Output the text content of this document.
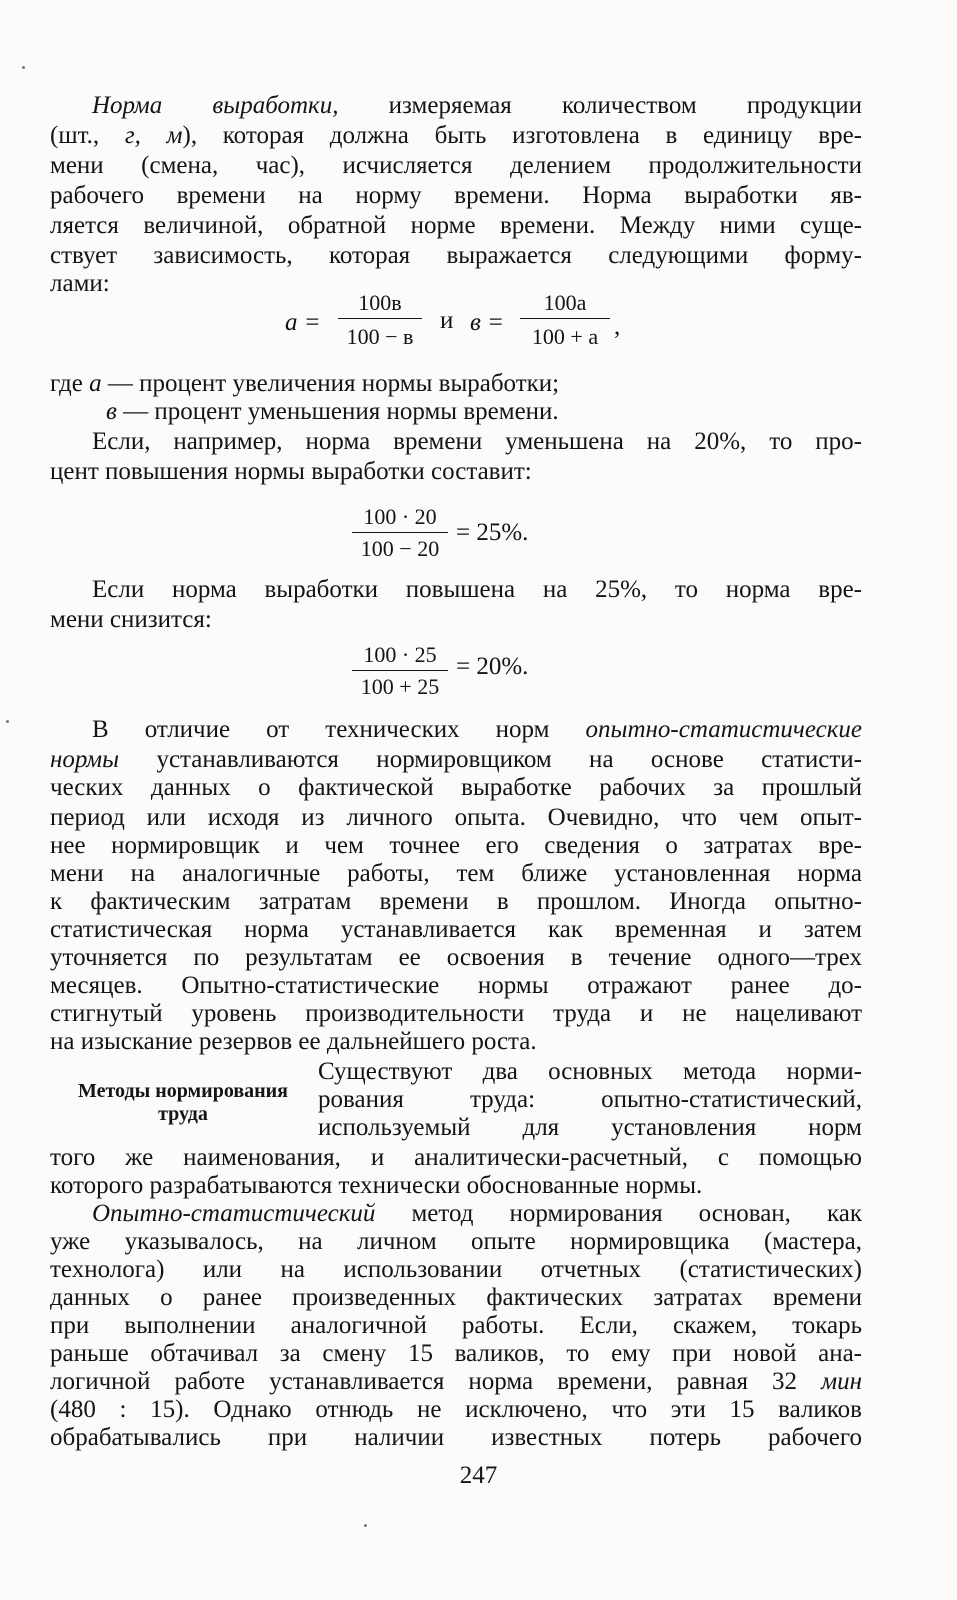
Норма выработки, измеряемая количеством продукции
(шт., г, м), которая должна быть изготовлена в единицу вре-
мени (смена, час), исчисляется делением продолжительности
рабочего времени на норму времени. Норма выработки яв-
ляется величиной, обратной норме времени. Между ними суще-
ствует зависимость, которая выражается следующими форму-
лами:
a =
100в
100 − в
и в =
100а
100 + a ,
где а — процент увеличения нормы выработки;
в — процент уменьшения нормы времени.
Если, например, норма времени уменьшена на 20%, то про-
цент повышения нормы выработки составит:
100 · 20
100 − 20
= 25%.
Если норма выработки повышена на 25%, то норма вре-
мени снизится:
100 · 25
100 + 25
= 20%.
В отличие от технических норм опытно-статистические
нормы устанавливаются нормировщиком на основе статисти-
ческих данных о фактической выработке рабочих за прошлый
период или исходя из личного опыта. Очевидно, что чем опыт-
нее нормировщик и чем точнее его сведения о затратах вре-
мени на аналогичные работы, тем ближе установленная норма
к фактическим затратам времени в прошлом. Иногда опытно-
статистическая норма устанавливается как временная и затем
уточняется по результатам ее освоения в течение одного—трех
месяцев. Опытно-статистические нормы отражают ранее до-
стигнутый уровень производительности труда и не нацеливают
на изыскание резервов ее дальнейшего роста.
Методы нормирования
труда
Существуют два основных метода норми-
рования труда: опытно-статистический,
используемый для установления норм
того же наименования, и аналитически-расчетный, с помощью
которого разрабатываются технически обоснованные нормы.
Опытно-статистический метод нормирования основан, как
уже указывалось, на личном опыте нормировщика (мастера,
технолога) или на использовании отчетных (статистических)
данных о ранее произведенных фактических затратах времени
при выполнении аналогичной работы. Если, скажем, токарь
раньше обтачивал за смену 15 валиков, то ему при новой ана-
логичной работе устанавливается норма времени, равная 32 мин
(480 : 15). Однако отнюдь не исключено, что эти 15 валиков
обрабатывались при наличии известных потерь рабочего
247
